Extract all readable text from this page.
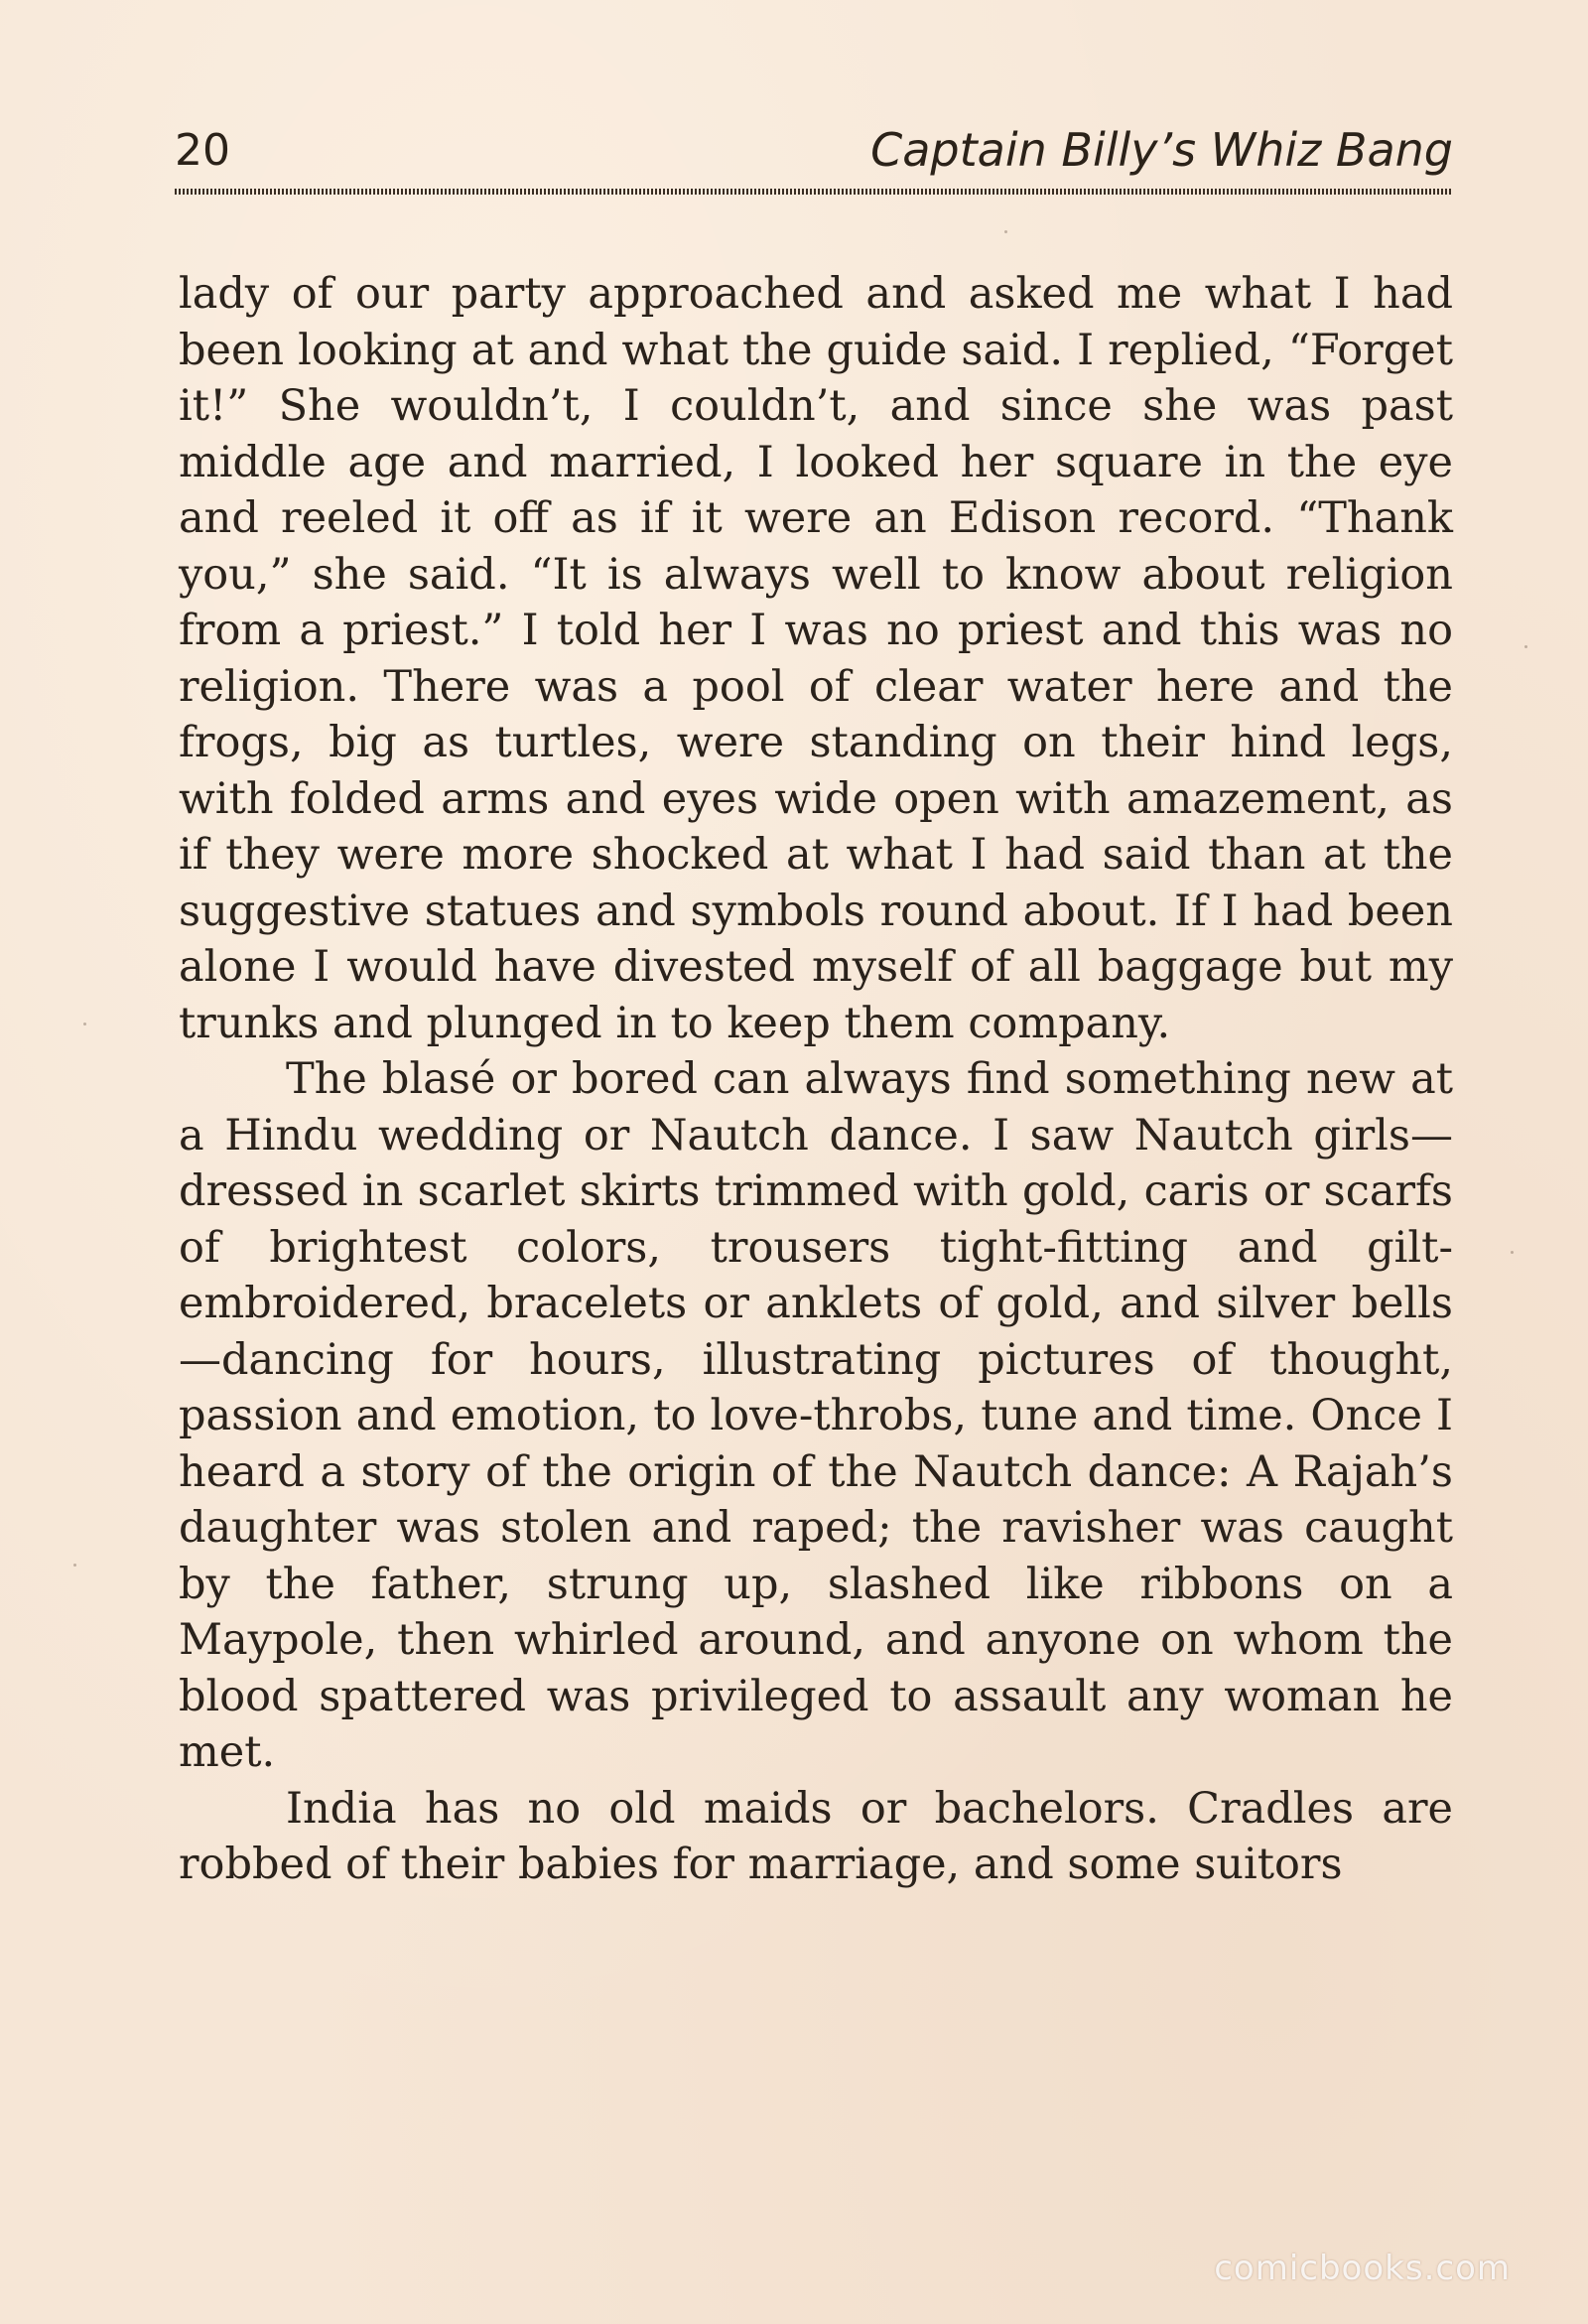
20	Captain Billy’s Whiz Bang

lady of our party approached and asked me what I had been looking at and what the guide said. I replied, “Forget it!” She wouldn’t, I couldn’t, and since she was past middle age and married, I looked her square in the eye and reeled it off as if it were an Edison record. “Thank you,” she said. “It is always well to know about religion from a priest.” I told her I was no priest and this was no religion. There was a pool of clear water here and the frogs, big as turtles, were standing on their hind legs, with folded arms and eyes wide open with amazement, as if they were more shocked at what I had said than at the suggestive statues and symbols round about. If I had been alone I would have divested myself of all baggage but my trunks and plunged in to keep them company.

The blasé or bored can always find something new at a Hindu wedding or Nautch dance. I saw Nautch girls—dressed in scarlet skirts trimmed with gold, caris or scarfs of brightest colors, trousers tight-fitting and gilt-embroidered, bracelets or anklets of gold, and silver bells—dancing for hours, illustrating pictures of thought, passion and emotion, to love-throbs, tune and time. Once I heard a story of the origin of the Nautch dance: A Rajah’s daughter was stolen and raped; the ravisher was caught by the father, strung up, slashed like ribbons on a Maypole, then whirled around, and anyone on whom the blood spattered was privileged to assault any woman he met.

India has no old maids or bachelors. Cradles are robbed of their babies for marriage, and some suitors

comicbooks.com
